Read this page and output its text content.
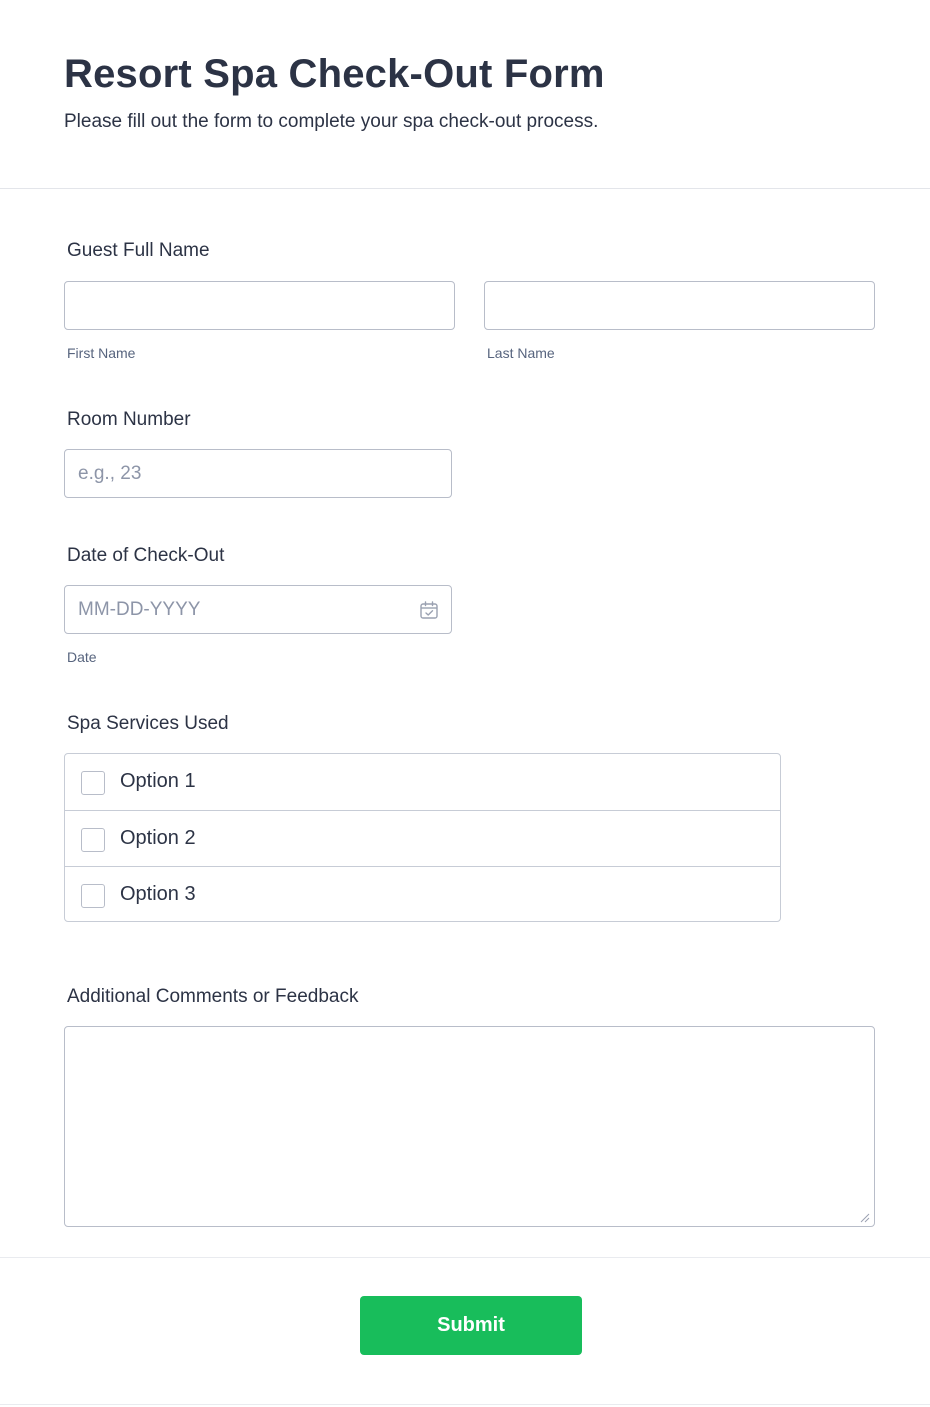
Resort Spa Check-Out Form

Please fill out the form to complete your spa check-out process.

Guest Full Name
First Name	Last Name
Room Number
e.g., 23
Date of Check-Out
MM-DD-YYYY
Date
Spa Services Used
Option 1
Option 2
Option 3
Additional Comments or Feedback
Submit
